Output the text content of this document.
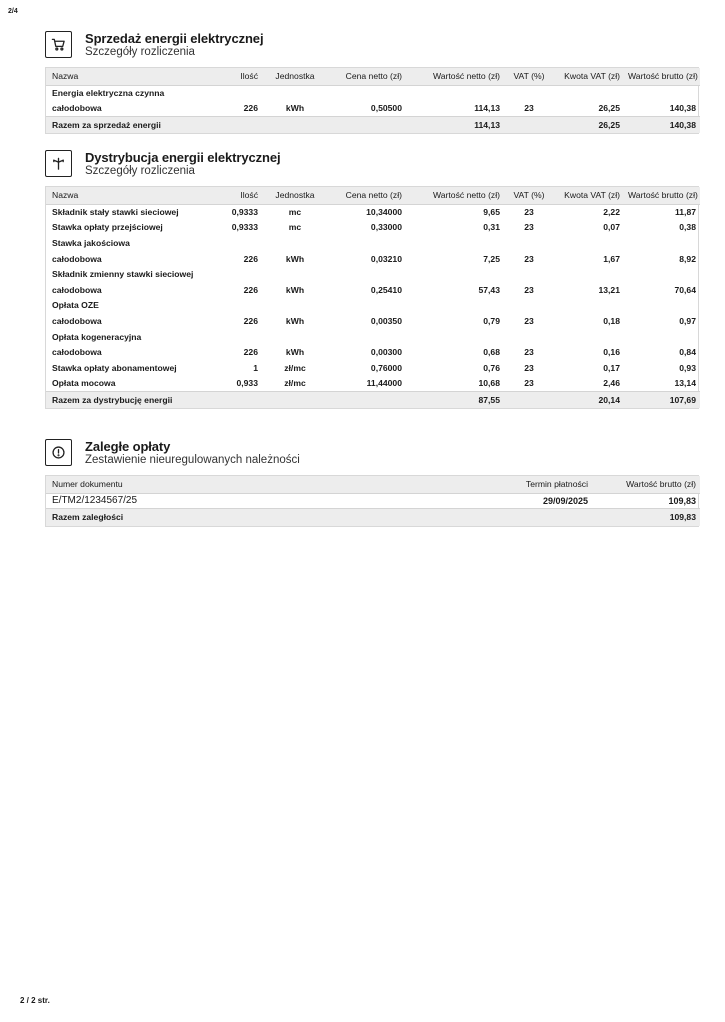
2/4
Sprzedaż energii elektrycznej
Szczegóły rozliczenia
Nazwa	Ilość	Jednostka	Cena netto (zł)	Wartość netto (zł)	VAT (%)	Kwota VAT (zł)	Wartość brutto (zł)
Energia elektryczna czynna							
całodobowa	226	kWh	0,50500	114,13	23	26,25	140,38
Razem za sprzedaż energii				114,13		26,25	140,38
Dystrybucja energii elektrycznej
Szczegóły rozliczenia
Nazwa	Ilość	Jednostka	Cena netto (zł)	Wartość netto (zł)	VAT (%)	Kwota VAT (zł)	Wartość brutto (zł)
Składnik stały stawki sieciowej	0,9333	mc	10,34000	9,65	23	2,22	11,87
Stawka opłaty przejściowej	0,9333	mc	0,33000	0,31	23	0,07	0,38
Stawka jakościowa							
całodobowa	226	kWh	0,03210	7,25	23	1,67	8,92
Składnik zmienny stawki sieciowej							
całodobowa	226	kWh	0,25410	57,43	23	13,21	70,64
Opłata OZE							
całodobowa	226	kWh	0,00350	0,79	23	0,18	0,97
Opłata kogeneracyjna							
całodobowa	226	kWh	0,00300	0,68	23	0,16	0,84
Stawka opłaty abonamentowej	1	zł/mc	0,76000	0,76	23	0,17	0,93
Opłata mocowa	0,933	zł/mc	11,44000	10,68	23	2,46	13,14
Razem za dystrybucję energii				87,55		20,14	107,69
Zaległe opłaty
Zestawienie nieuregulowanych należności
Numer dokumentu	Termin płatności	Wartość brutto (zł)
E/TM2/1234567/25	29/09/2025	109,83
Razem zaległości		109,83
2 / 2 str.
